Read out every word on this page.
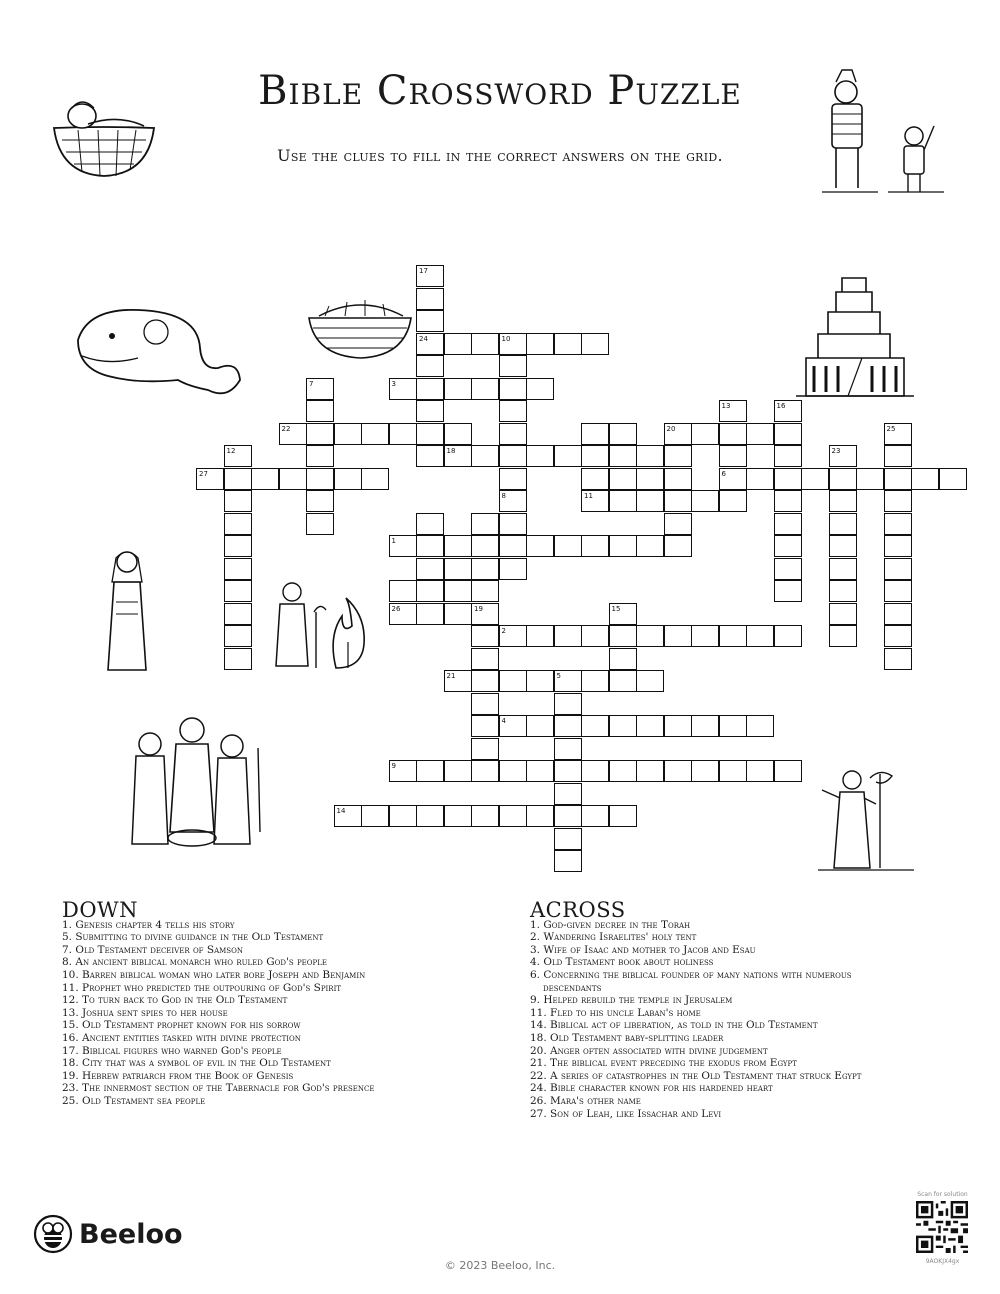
Bible Crossword Puzzle
Use the clues to fill in the correct answers on the grid.
17
24	10
3
7
22
13	16
20	25
12	18	23
27	6
8	11
1
26	19	15
2
21	5
4
9
14
DOWN

1. Genesis chapter 4 tells his story

5. Submitting to divine guidance in the Old Testament

7. Old Testament deceiver of Samson

8. An ancient biblical monarch who ruled God's people

10. Barren biblical woman who later bore Joseph and Benjamin

11. Prophet who predicted the outpouring of God's Spirit

12. To turn back to God in the Old Testament

13. Joshua sent spies to her house

15. Old Testament prophet known for his sorrow

16. Ancient entities tasked with divine protection

17. Biblical figures who warned God's people

18. City that was a symbol of evil in the Old Testament

19. Hebrew patriarch from the Book of Genesis

23. The innermost section of the Tabernacle for God's presence

25. Old Testament sea people

ACROSS

1. God-given decree in the Torah

2. Wandering Israelites' holy tent

3. Wife of Isaac and mother to Jacob and Esau

4. Old Testament book about holiness

6. Concerning the biblical founder of many nations with numerous descendants

9. Helped rebuild the temple in Jerusalem

11. Fled to his uncle Laban's home

14. Biblical act of liberation, as told in the Old Testament

18. Old Testament baby-splitting leader

20. Anger often associated with divine judgement

21. The biblical event preceding the exodus from Egypt

22. A series of catastrophes in the Old Testament that struck Egypt

24. Bible character known for his hardened heart

26. Mara's other name

27. Son of Leah, like Issachar and Levi

Beeloo
© 2023 Beeloo, Inc.
Scan for solution
9AOKJX4gx
